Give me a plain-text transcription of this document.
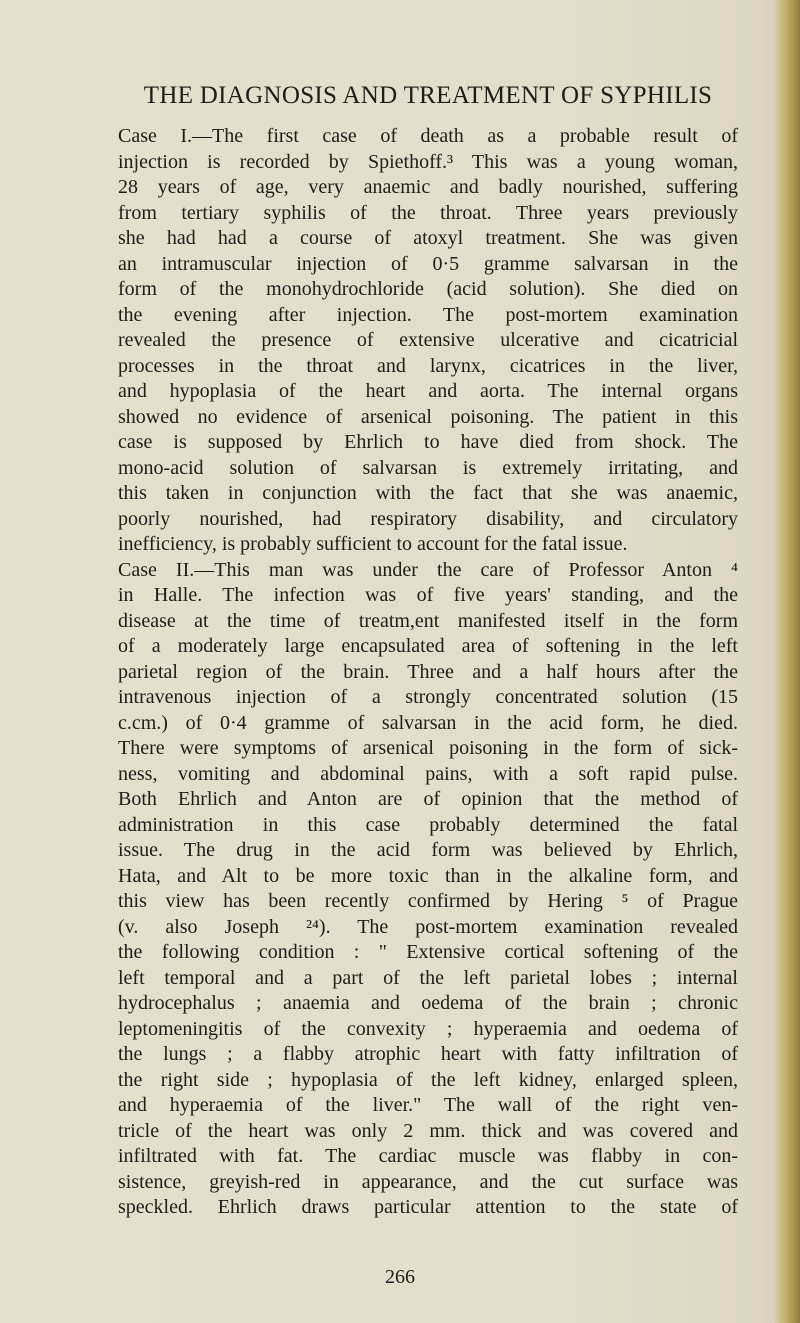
THE DIAGNOSIS AND TREATMENT OF SYPHILIS
Case I.—The first case of death as a probable result of
injection is recorded by Spiethoff.³ This was a young woman,
28 years of age, very anaemic and badly nourished, suffering
from tertiary syphilis of the throat. Three years previously
she had had a course of atoxyl treatment. She was given
an intramuscular injection of 0·5 gramme salvarsan in the
form of the monohydrochloride (acid solution). She died on
the evening after injection. The post-mortem examination
revealed the presence of extensive ulcerative and cicatricial
processes in the throat and larynx, cicatrices in the liver,
and hypoplasia of the heart and aorta. The internal organs
showed no evidence of arsenical poisoning. The patient in this
case is supposed by Ehrlich to have died from shock. The
mono-acid solution of salvarsan is extremely irritating, and
this taken in conjunction with the fact that she was anaemic,
poorly nourished, had respiratory disability, and circulatory
inefficiency, is probably sufficient to account for the fatal issue.
Case II.—This man was under the care of Professor Anton ⁴
in Halle. The infection was of five years' standing, and the
disease at the time of treatm,ent manifested itself in the form
of a moderately large encapsulated area of softening in the left
parietal region of the brain. Three and a half hours after the
intravenous injection of a strongly concentrated solution (15
c.cm.) of 0·4 gramme of salvarsan in the acid form, he died.
There were symptoms of arsenical poisoning in the form of sick-
ness, vomiting and abdominal pains, with a soft rapid pulse.
Both Ehrlich and Anton are of opinion that the method of
administration in this case probably determined the fatal
issue. The drug in the acid form was believed by Ehrlich,
Hata, and Alt to be more toxic than in the alkaline form, and
this view has been recently confirmed by Hering ⁵ of Prague
(v. also Joseph ²⁴). The post-mortem examination revealed
the following condition : " Extensive cortical softening of the
left temporal and a part of the left parietal lobes ; internal
hydrocephalus ; anaemia and oedema of the brain ; chronic
leptomeningitis of the convexity ; hyperaemia and oedema of
the lungs ; a flabby atrophic heart with fatty infiltration of
the right side ; hypoplasia of the left kidney, enlarged spleen,
and hyperaemia of the liver." The wall of the right ven-
tricle of the heart was only 2 mm. thick and was covered and
infiltrated with fat. The cardiac muscle was flabby in con-
sistence, greyish-red in appearance, and the cut surface was
speckled. Ehrlich draws particular attention to the state of
266
